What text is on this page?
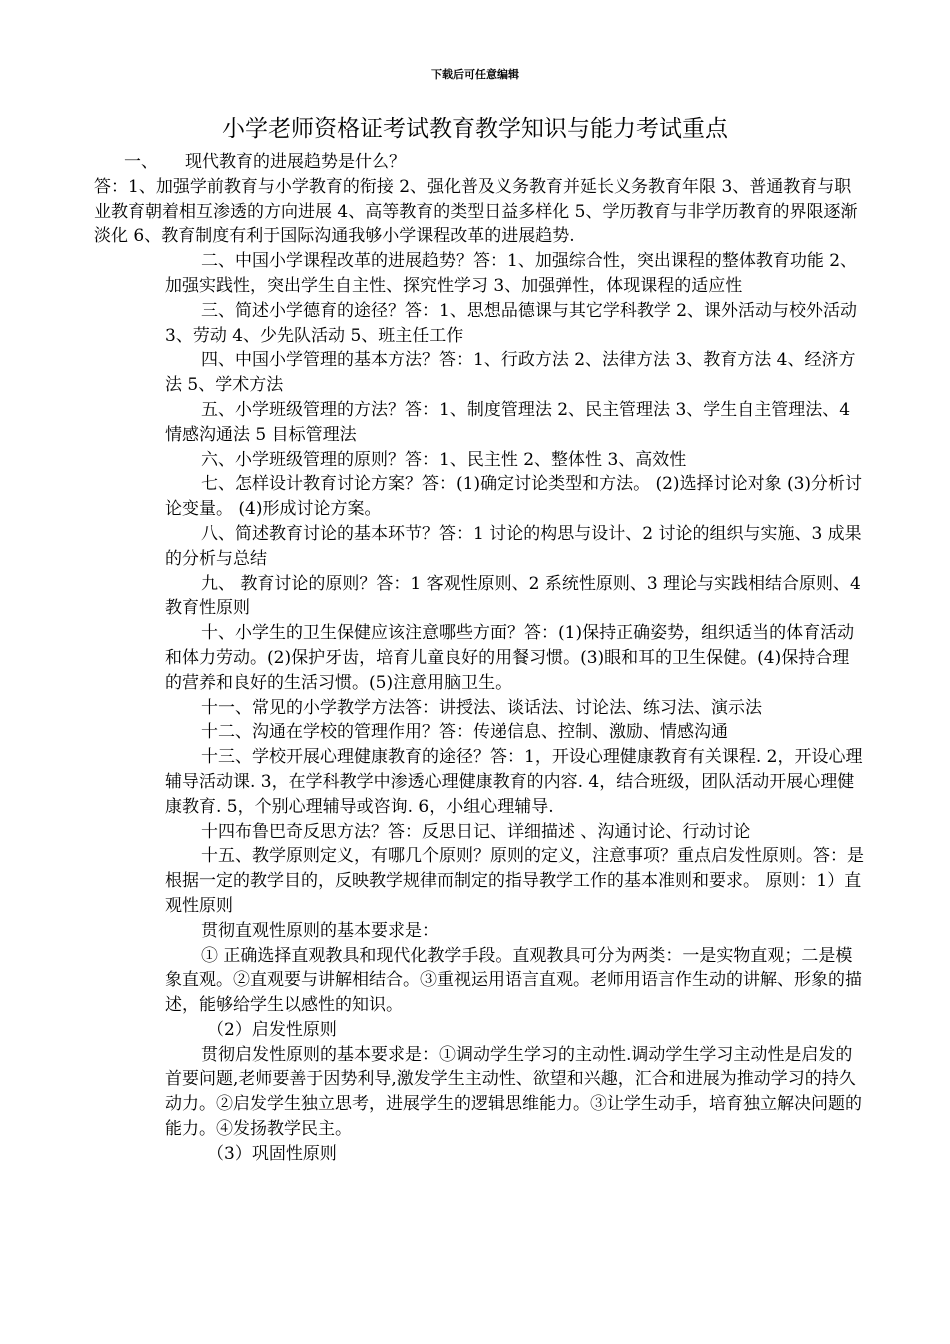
下载后可任意编辑
小学老师资格证考试教育教学知识与能力考试重点
一、 现代教育的进展趋势是什么？

答：1、加强学前教育与小学教育的衔接 2、强化普及义务教育并延长义务教育年限 3、普通教育与职业教育朝着相互渗透的方向进展 4、高等教育的类型日益多样化 5、学历教育与非学历教育的界限逐渐淡化 6、教育制度有利于国际沟通我够小学课程改革的进展趋势.

二、中国小学课程改革的进展趋势？答：1、加强综合性，突出课程的整体教育功能 2、加强实践性，突出学生自主性、探究性学习 3、加强弹性，体现课程的适应性

三、简述小学德育的途径？答：1、思想品德课与其它学科教学 2、课外活动与校外活动 3、劳动 4、少先队活动 5、班主任工作

四、中国小学管理的基本方法？答：1、行政方法 2、法律方法 3、教育方法 4、经济方法 5、学术方法

五、小学班级管理的方法？答：1、制度管理法 2、民主管理法 3、学生自主管理法、4 情感沟通法 5 目标管理法

六、小学班级管理的原则？答：1、民主性 2、整体性 3、高效性

七、怎样设计教育讨论方案？答：(1)确定讨论类型和方法。 (2)选择讨论对象 (3)分析讨论变量。 (4)形成讨论方案。

八、简述教育讨论的基本环节？答：1 讨论的构思与设计、2 讨论的组织与实施、3 成果的分析与总结

九、 教育讨论的原则？答：1 客观性原则、2 系统性原则、3 理论与实践相结合原则、4 教育性原则

十、小学生的卫生保健应该注意哪些方面？答：(1)保持正确姿势，组织适当的体育活动和体力劳动。(2)保护牙齿，培育儿童良好的用餐习惯。(3)眼和耳的卫生保健。(4)保持合理的营养和良好的生活习惯。(5)注意用脑卫生。

十一、常见的小学教学方法答：讲授法、谈话法、讨论法、练习法、演示法

十二、沟通在学校的管理作用？答：传递信息、控制、激励、情感沟通

十三、学校开展心理健康教育的途径？答：1，开设心理健康教育有关课程. 2，开设心理辅导活动课. 3，在学科教学中渗透心理健康教育的内容. 4，结合班级，团队活动开展心理健康教育. 5，个别心理辅导或咨询. 6，小组心理辅导.

十四布鲁巴奇反思方法？答：反思日记、详细描述 、沟通讨论、行动讨论

十五、教学原则定义，有哪几个原则？原则的定义，注意事项？重点启发性原则。答：是根据一定的教学目的，反映教学规律而制定的指导教学工作的基本准则和要求。 原则：1）直观性原则

贯彻直观性原则的基本要求是：

① 正确选择直观教具和现代化教学手段。直观教具可分为两类：一是实物直观；二是模象直观。②直观要与讲解相结合。③重视运用语言直观。老师用语言作生动的讲解、形象的描述，能够给学生以感性的知识。

（2）启发性原则

贯彻启发性原则的基本要求是：①调动学生学习的主动性.调动学生学习主动性是启发的首要问题,老师要善于因势利导,激发学生主动性、欲望和兴趣，汇合和进展为推动学习的持久动力。②启发学生独立思考，进展学生的逻辑思维能力。③让学生动手，培育独立解决问题的能力。④发扬教学民主。

（3）巩固性原则
